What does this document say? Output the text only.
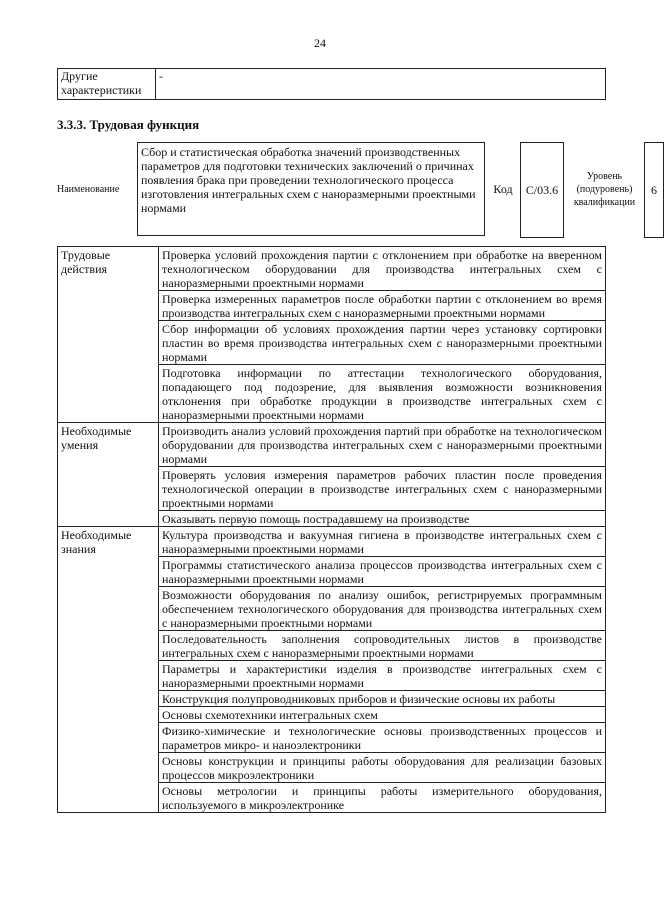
24
Другие характеристики	-
3.3.3. Трудовая функция
Наименование
Сбор и статистическая обработка значений производственных параметров для подготовки технических заключений о причинах появления брака при проведении технологического процесса изготовления интегральных схем с наноразмерными проектными нормами
Код	C/03.6
Уровень (подуровень) квалификации
6
Трудовые действия	Проверка условий прохождения партии с отклонением при обработке на вверенном технологическом оборудовании для производства интегральных схем с наноразмерными проектными нормами
	Проверка измеренных параметров после обработки партии с отклонением во время производства интегральных схем с наноразмерными проектными нормами
	Сбор информации об условиях прохождения партии через установку сортировки пластин во время производства интегральных схем с наноразмерными проектными нормами
	Подготовка информации по аттестации технологического оборудования, попадающего под подозрение, для выявления возможности возникновения отклонения при обработке продукции в производстве интегральных схем с наноразмерными проектными нормами
Необходимые умения	Производить анализ условий прохождения партий при обработке на технологическом оборудовании для производства интегральных схем с наноразмерными проектными нормами
	Проверять условия измерения параметров рабочих пластин после проведения технологической операции в производстве интегральных схем с наноразмерными проектными нормами
	Оказывать первую помощь пострадавшему на производстве
Необходимые знания	Культура производства и вакуумная гигиена в производстве интегральных схем с наноразмерными проектными нормами
	Программы статистического анализа процессов производства интегральных схем с наноразмерными проектными нормами
	Возможности оборудования по анализу ошибок, регистрируемых программным обеспечением технологического оборудования для производства интегральных схем с наноразмерными проектными нормами
	Последовательность заполнения сопроводительных листов в производстве интегральных схем с наноразмерными проектными нормами
	Параметры и характеристики изделия в производстве интегральных схем с наноразмерными проектными нормами
	Конструкция полупроводниковых приборов и физические основы их работы
	Основы схемотехники интегральных схем
	Физико-химические и технологические основы производственных процессов и параметров микро- и наноэлектроники
	Основы конструкции и принципы работы оборудования для реализации базовых процессов микроэлектроники
	Основы метрологии и принципы работы измерительного оборудования, используемого в микроэлектронике
